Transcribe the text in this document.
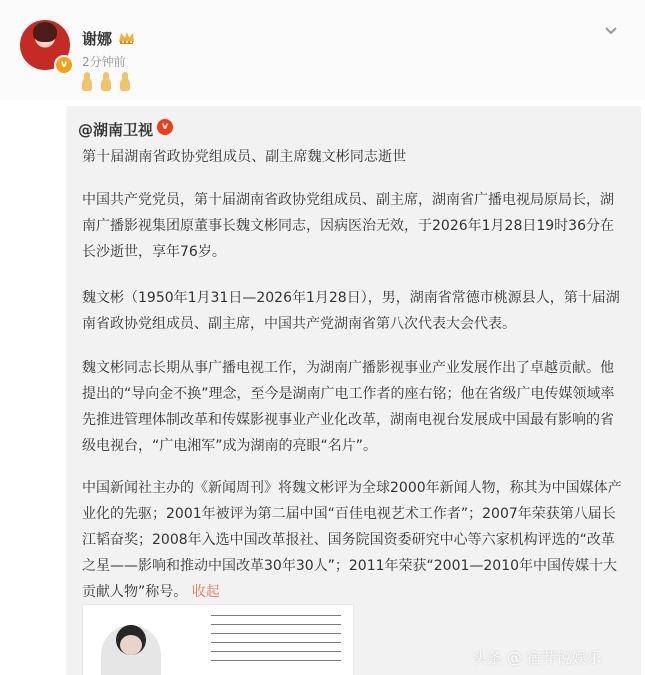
v
谢娜
2分钟前
@湖南卫视 v
第十届湖南省政协党组成员、副主席魏文彬同志逝世
中国共产党党员，第十届湖南省政协党组成员、副主席，湖南省广播电视局原局长，湖南广播影视集团原董事长魏文彬同志，因病医治无效，于2026年1月28日19时36分在长沙逝世，享年76岁。
魏文彬（1950年1月31日—2026年1月28日），男，湖南省常德市桃源县人，第十届湖南省政协党组成员、副主席，中国共产党湖南省第八次代表大会代表。
魏文彬同志长期从事广播电视工作，为湖南广播影视事业产业发展作出了卓越贡献。他提出的“导向金不换”理念，至今是湖南广电工作者的座右铭；他在省级广电传媒领域率先推进管理体制改革和传媒影视事业产业化改革，湖南电视台发展成中国最有影响的省级电视台，“广电湘军”成为湖南的亮眼“名片”。
中国新闻社主办的《新闻周刊》将魏文彬评为全球2000年新闻人物，称其为中国媒体产业化的先驱；2001年被评为第二届中国“百佳电视艺术工作者”；2007年荣获第八届长江韬奋奖；2008年入选中国改革报社、国务院国资委研究中心等六家机构评选的“改革之星——影响和推动中国改革30年30人”；2011年荣获“2001—2010年中国传媒十大贡献人物”称号。 收起
头条 @ 宿莽锐娱乐
